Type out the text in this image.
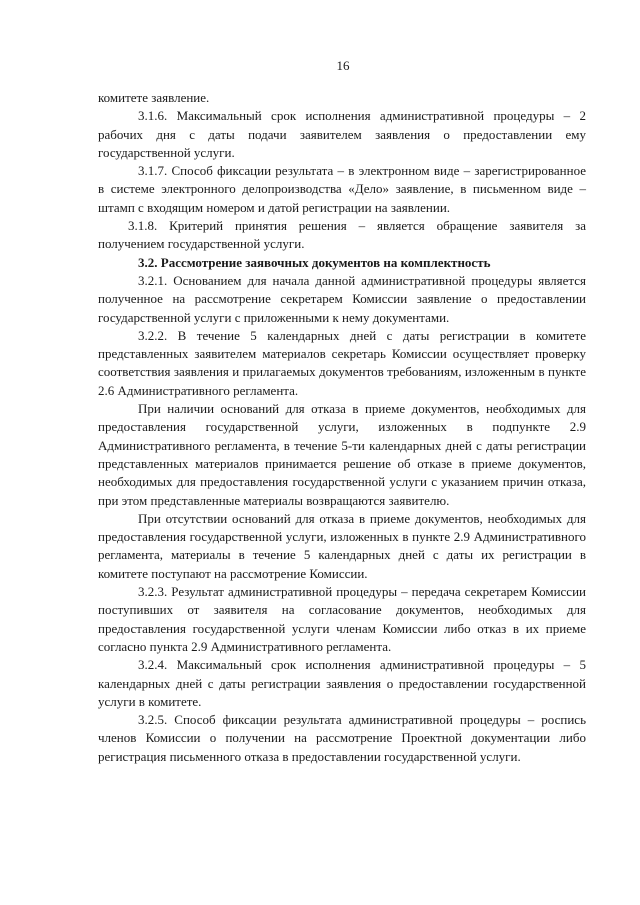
16

комитете заявление.

3.1.6. Максимальный срок исполнения административной процедуры – 2 рабочих дня с даты подачи заявителем заявления о предоставлении ему государственной услуги.

3.1.7. Способ фиксации результата – в электронном виде – зарегистрированное в системе электронного делопроизводства «Дело» заявление, в письменном виде – штамп с входящим номером и датой регистрации на заявлении.

3.1.8. Критерий принятия решения – является обращение заявителя за получением государственной услуги.

3.2. Рассмотрение заявочных документов на комплектность

3.2.1. Основанием для начала данной административной процедуры является полученное на рассмотрение секретарем Комиссии заявление о предоставлении государственной услуги с приложенными к нему документами.

3.2.2. В течение 5 календарных дней с даты регистрации в комитете представленных заявителем материалов секретарь Комиссии осуществляет проверку соответствия заявления и прилагаемых документов требованиям, изложенным в пункте 2.6 Административного регламента.

При наличии оснований для отказа в приеме документов, необходимых для предоставления государственной услуги, изложенных в подпункте 2.9 Административного регламента, в течение 5-ти календарных дней с даты регистрации представленных материалов принимается решение об отказе в приеме документов, необходимых для предоставления государственной услуги с указанием причин отказа, при этом представленные материалы возвращаются заявителю.

При отсутствии оснований для отказа в приеме документов, необходимых для предоставления государственной услуги, изложенных в пункте 2.9 Административного регламента, материалы в течение 5 календарных дней с даты их регистрации в комитете поступают на рассмотрение Комиссии.

3.2.3. Результат административной процедуры – передача секретарем Комиссии поступивших от заявителя на согласование документов, необходимых для предоставления государственной услуги членам Комиссии либо отказ в их приеме согласно пункта 2.9 Административного регламента.

3.2.4. Максимальный срок исполнения административной процедуры – 5 календарных дней с даты регистрации заявления о предоставлении государственной услуги в комитете.

3.2.5. Способ фиксации результата административной процедуры – роспись членов Комиссии о получении на рассмотрение Проектной документации либо регистрация письменного отказа в предоставлении государственной услуги.
